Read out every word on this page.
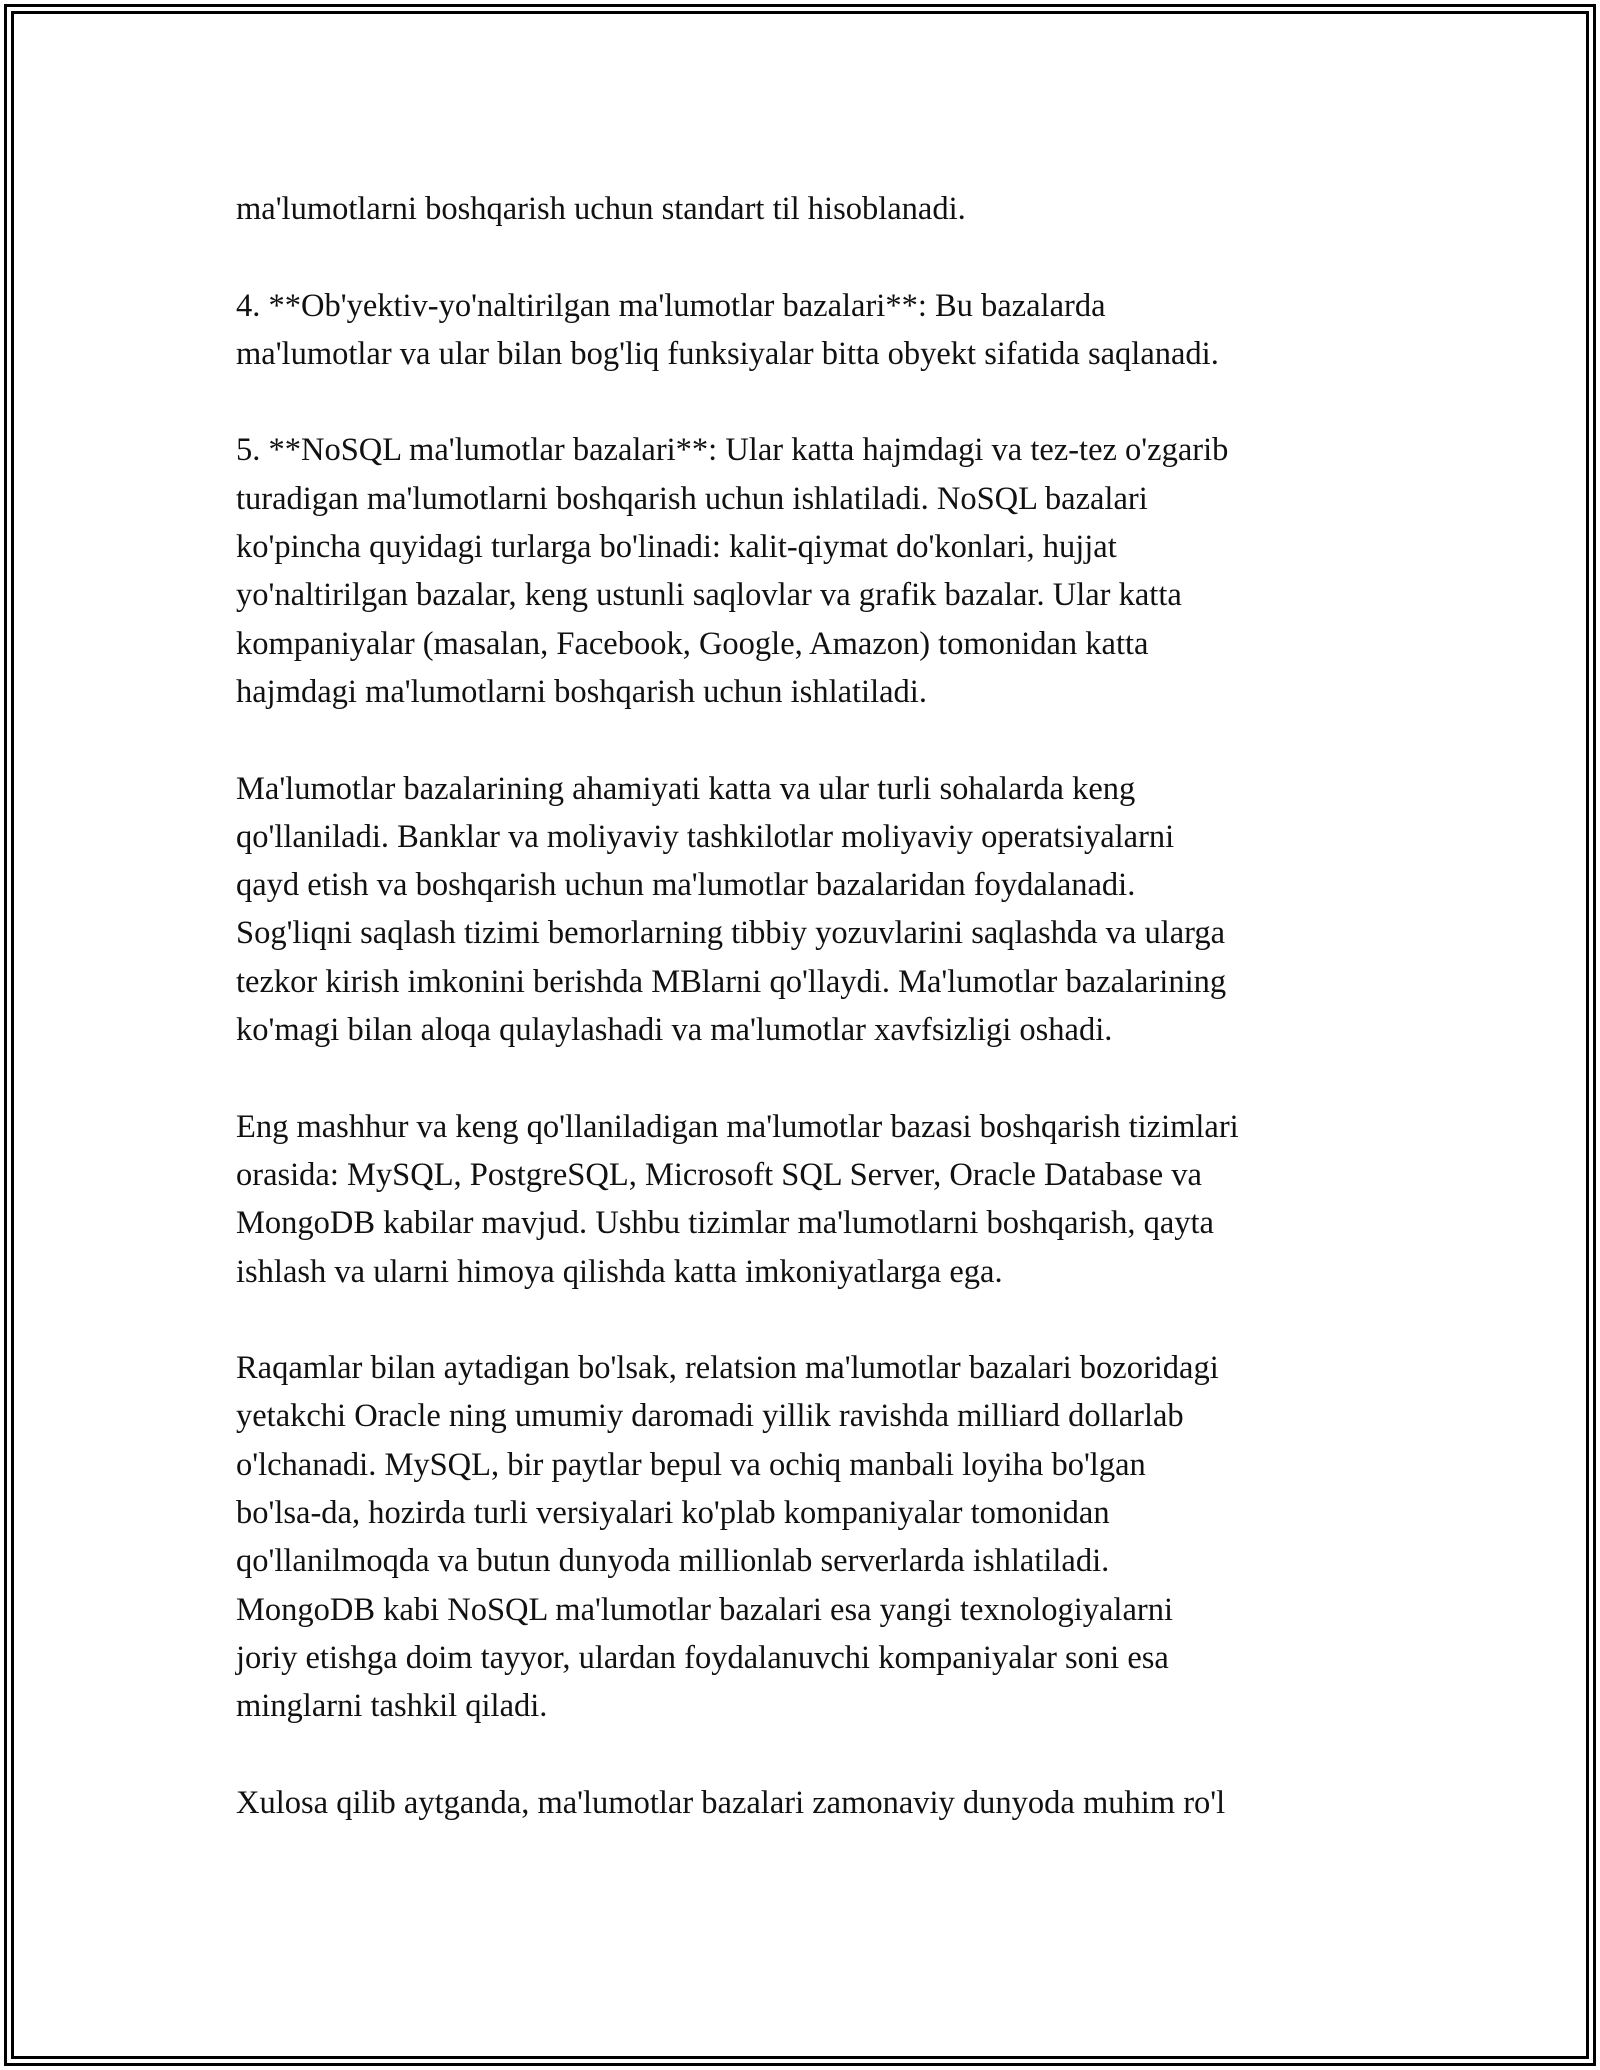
ma'lumotlarni boshqarish uchun standart til hisoblanadi.
4. **Ob'yektiv-yo'naltirilgan ma'lumotlar bazalari**: Bu bazalarda
ma'lumotlar va ular bilan bog'liq funksiyalar bitta obyekt sifatida saqlanadi.
5. **NoSQL ma'lumotlar bazalari**: Ular katta hajmdagi va tez-tez o'zgarib
turadigan ma'lumotlarni boshqarish uchun ishlatiladi. NoSQL bazalari
ko'pincha quyidagi turlarga bo'linadi: kalit-qiymat do'konlari, hujjat
yo'naltirilgan bazalar, keng ustunli saqlovlar va grafik bazalar. Ular katta
kompaniyalar (masalan, Facebook, Google, Amazon) tomonidan katta
hajmdagi ma'lumotlarni boshqarish uchun ishlatiladi.
Ma'lumotlar bazalarining ahamiyati katta va ular turli sohalarda keng
qo'llaniladi. Banklar va moliyaviy tashkilotlar moliyaviy operatsiyalarni
qayd etish va boshqarish uchun ma'lumotlar bazalaridan foydalanadi.
Sog'liqni saqlash tizimi bemorlarning tibbiy yozuvlarini saqlashda va ularga
tezkor kirish imkonini berishda MBlarni qo'llaydi. Ma'lumotlar bazalarining
ko'magi bilan aloqa qulaylashadi va ma'lumotlar xavfsizligi oshadi.
Eng mashhur va keng qo'llaniladigan ma'lumotlar bazasi boshqarish tizimlari
orasida: MySQL, PostgreSQL, Microsoft SQL Server, Oracle Database va
MongoDB kabilar mavjud. Ushbu tizimlar ma'lumotlarni boshqarish, qayta
ishlash va ularni himoya qilishda katta imkoniyatlarga ega.
Raqamlar bilan aytadigan bo'lsak, relatsion ma'lumotlar bazalari bozoridagi
yetakchi Oracle ning umumiy daromadi yillik ravishda milliard dollarlab
o'lchanadi. MySQL, bir paytlar bepul va ochiq manbali loyiha bo'lgan
bo'lsa-da, hozirda turli versiyalari ko'plab kompaniyalar tomonidan
qo'llanilmoqda va butun dunyoda millionlab serverlarda ishlatiladi.
MongoDB kabi NoSQL ma'lumotlar bazalari esa yangi texnologiyalarni
joriy etishga doim tayyor, ulardan foydalanuvchi kompaniyalar soni esa
minglarni tashkil qiladi.
Xulosa qilib aytganda, ma'lumotlar bazalari zamonaviy dunyoda muhim ro'l
